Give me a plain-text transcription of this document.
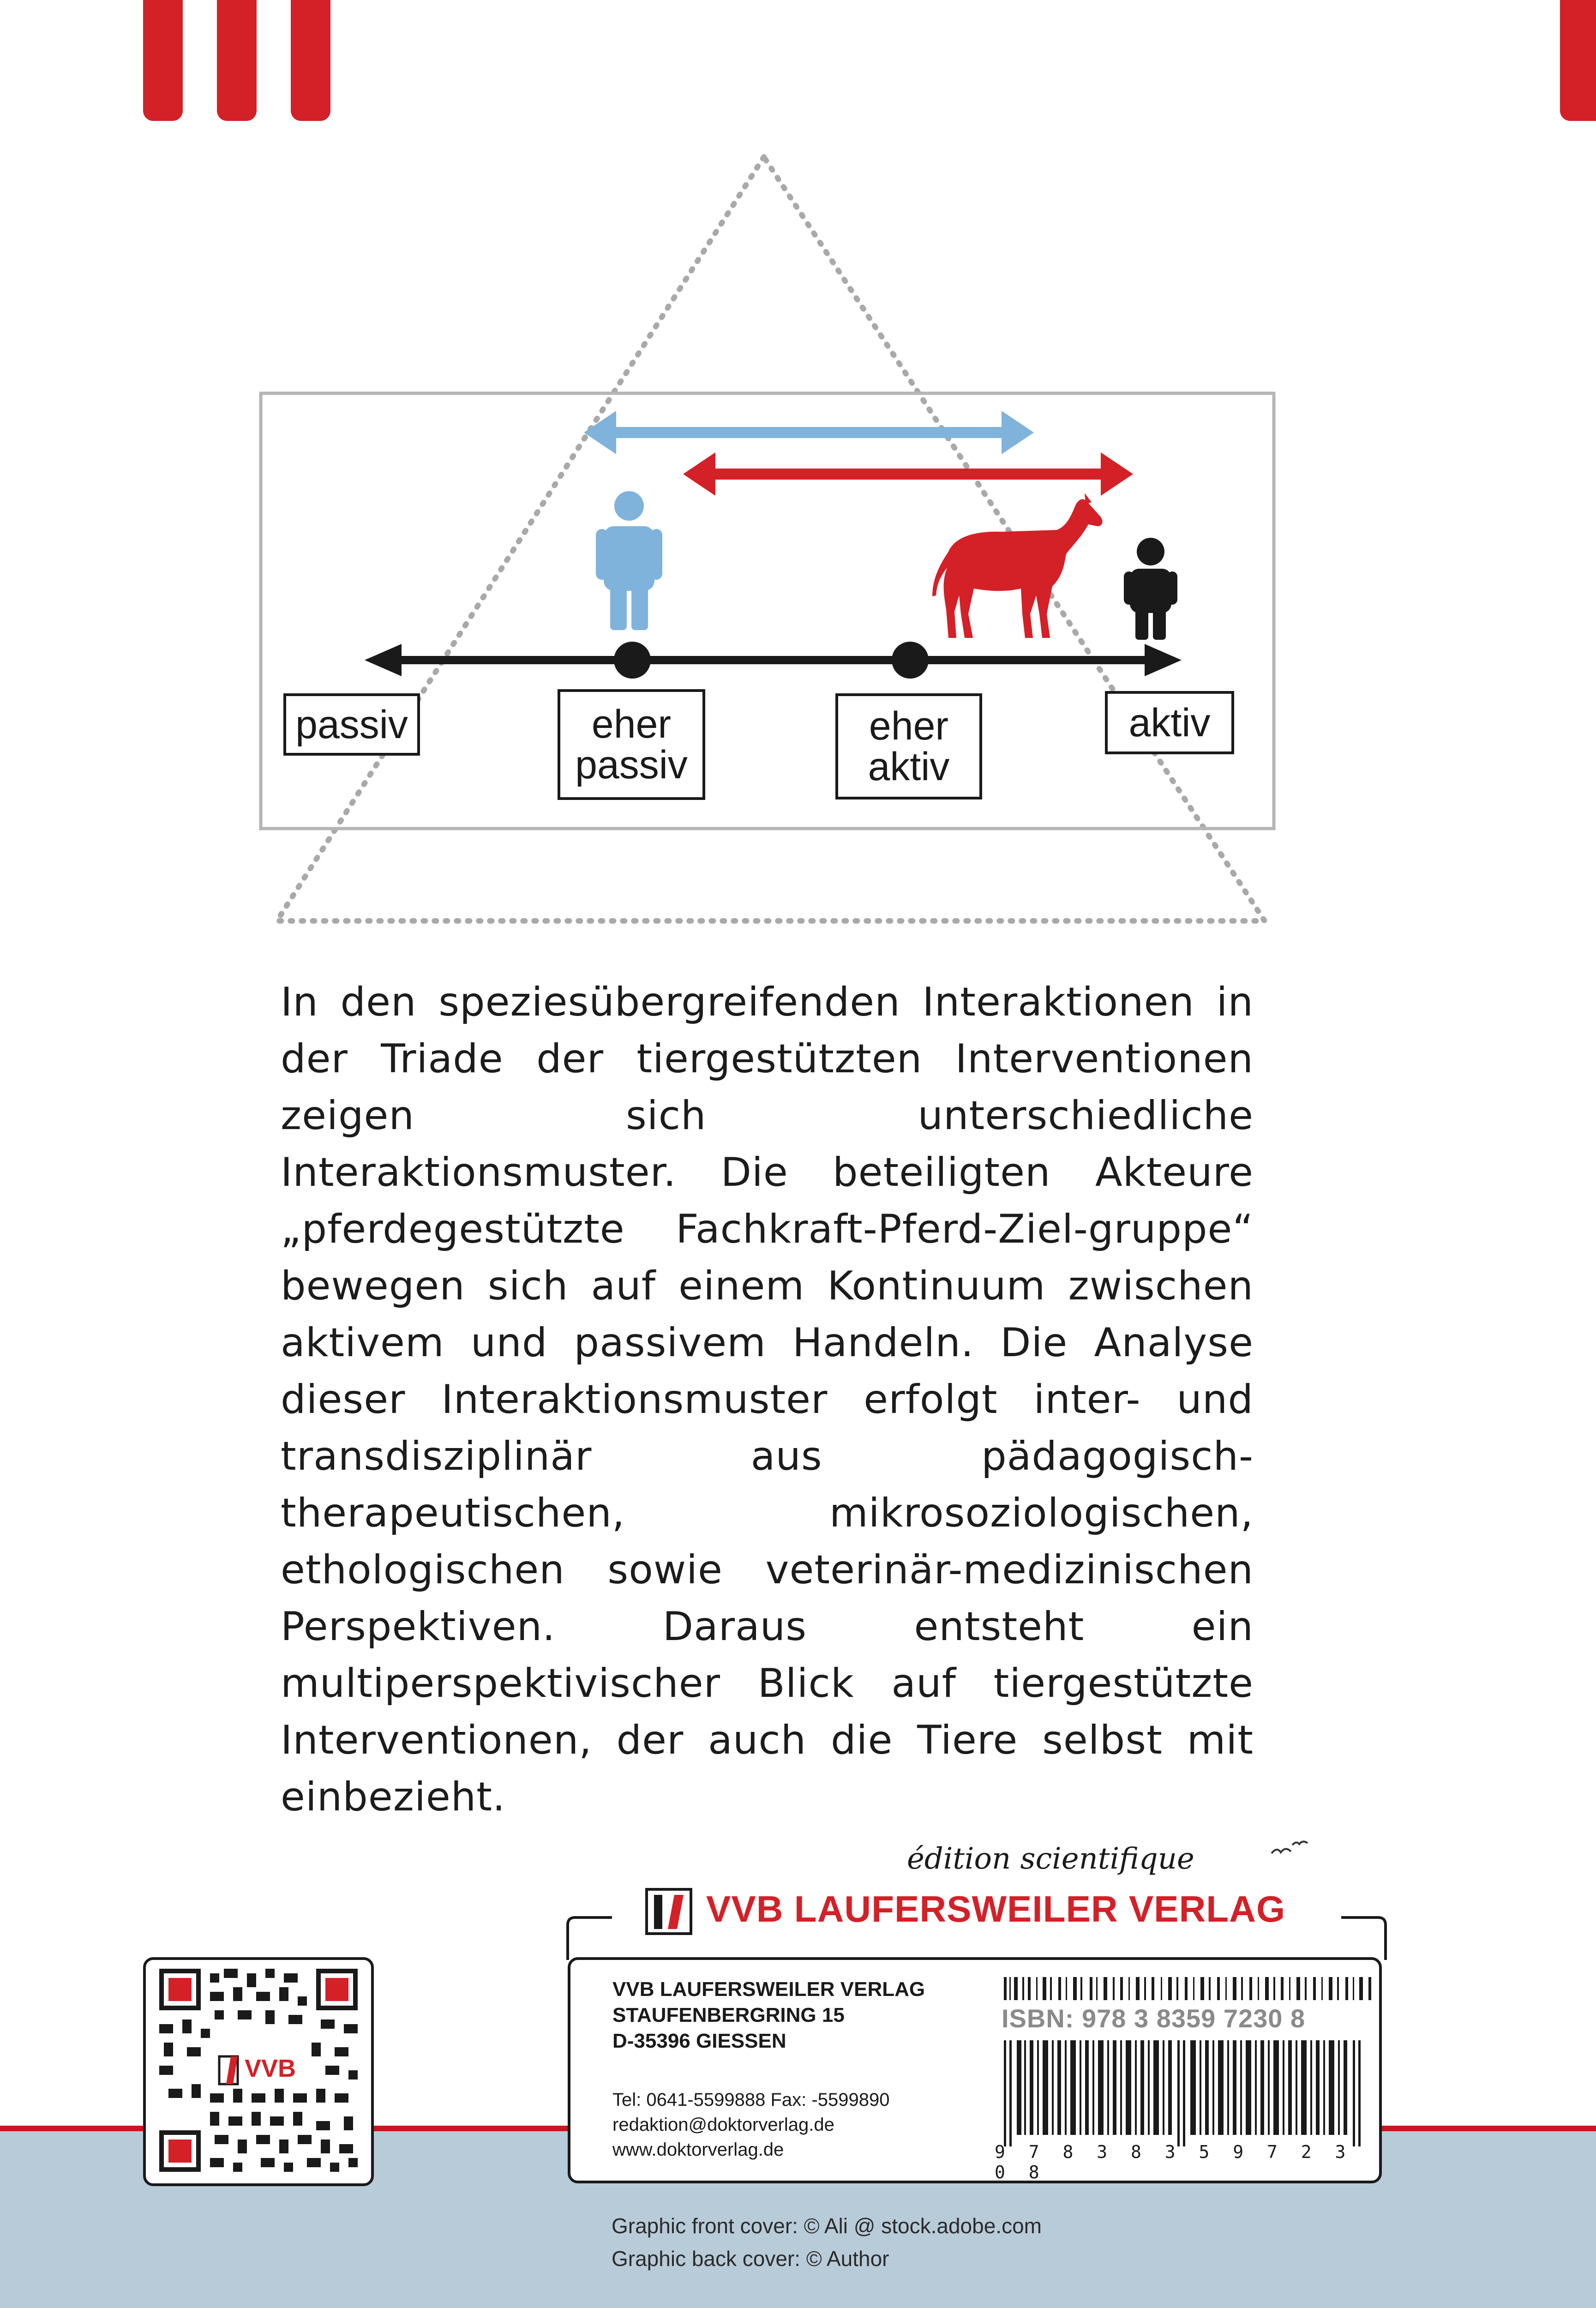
passiv	eher
passiv
eher
aktiv
aktiv
In den speziesübergreifenden Interaktionen in der Triade der tiergestützten Interventionen zeigen sich unterschiedliche Interaktionsmuster. Die beteiligten Akteure „pferdegestützte Fachkraft-Pferd-Ziel-gruppe“ bewegen sich auf einem Kontinuum zwischen aktivem und passivem Handeln. Die Analyse dieser Interaktionsmuster erfolgt inter- und transdisziplinär aus pädagogisch-therapeutischen, mikrosoziologischen, ethologischen sowie veterinär-medizinischen Perspektiven. Daraus entsteht ein multiperspektivischer Blick auf tiergestützte Interventionen, der auch die Tiere selbst mit einbezieht.
édition scientifique
VVB LAUFERSWEILER VERLAG
VVB LAUFERSWEILER VERLAG
STAUFENBERGRING 15
D-35396 GIESSEN
Tel: 0641-5599888 Fax: -5599890
redaktion@doktorverlag.de
www.doktorverlag.de
ISBN: 978 3 8359 7230 8
9 7 8 3 8 3 5 9 7 2 3 0 8
VVB
Graphic front cover: © Ali @ stock.adobe.com
Graphic back cover: © Author
